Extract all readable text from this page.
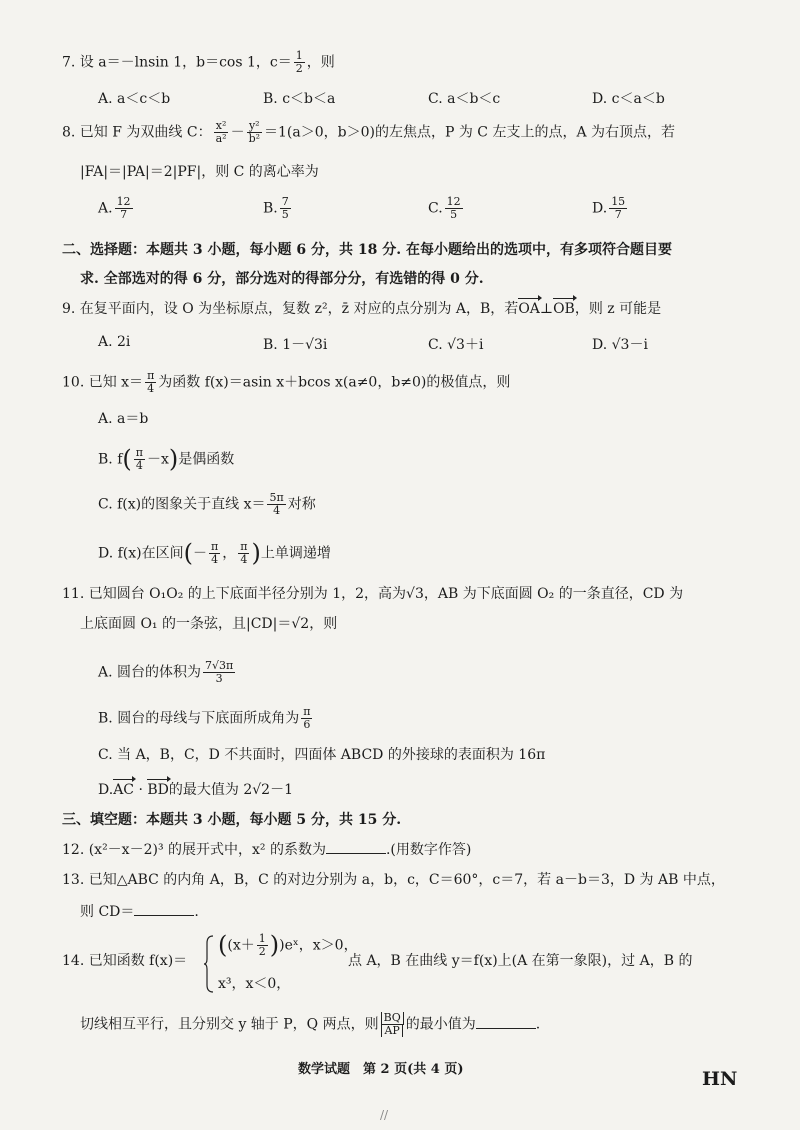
7. 设 a＝－lnsin 1，b＝cos 1，$c= \frac{1}{2}$ ，则
A. a＜c＜b	B. c＜b＜a	C. a＜b＜c	D. c＜a＜b
8. 已知 F 为双曲线 C： $\frac{\text{x²}}{\text{a²}} - \frac{\text{y²}}{\text{b²}} =1(a>0$，b＞0)的左焦点，P 为 C 左支上的点，A 为右顶点，若
|FA|＝|PA|＝2|PF|，则 C 的离心率为
A. $\frac{12}{7}$	B. $\frac{7}{5}$	C. $\frac{12}{5}$	D. $\frac{15}{7}$
二、选择题：本题共 3 小题，每小题 6 分，共 18 分. 在每小题给出的选项中，有多项符合题目要
求. 全部选对的得 6 分，部分选对的得部分分，有选错的得 0 分.
9. 在复平面内，设 O 为坐标原点，复数 z²，z̄ 对应的点分别为 A，B，若OA⊥OB，则 z 可能是
A. 2i	B. 1－√3i	C. √3＋i	D. √3－i
10. 已知 $x= \frac{\pi}{4}$ 为函数 f(x)＝asin x＋bcos x(a≠0，b≠0)的极值点，则
A. a＝b
B. $f( \frac{\pi}{4} -x)$是偶函数
C. f(x)的图象关于直线 $x= \frac{5\pi}{4}$ 对称
D. f(x)在区间(－ $\frac{\pi}{4}$ ， $\frac{\pi}{4}$ )上单调递增
11. 已知圆台 O₁O₂ 的上下底面半径分别为 1，2，高为√3，AB 为下底面圆 O₂ 的一条直径，CD 为
上底面圆 O₁ 的一条弦，且|CD|＝√2，则
A. 圆台的体积为 $\frac{7√3\pi}{3}$
B. 圆台的母线与下底面所成角为 $\frac{\pi}{6}$
C. 当 A，B，C，D 不共面时，四面体 ABCD 的外接球的表面积为 16π
D.AC · BD的最大值为 2√2－1
三、填空题：本题共 3 小题，每小题 5 分，共 15 分.
12. (x²－x－2)³ 的展开式中，x² 的系数为	.(用数字作答)
13. 已知△ABC 的内角 A，B，C 的对边分别为 a，b，c，C＝60°，c＝7，若 a－b＝3，D 为 AB 中点，
则 CD＝	.
14. 已知函数 f(x)＝
(($x+ \frac{1}{2}$ ))eˣ，x＞0，
x³，x＜0，
点 A，B 在曲线 y＝f(x)上(A 在第一象限)，过 A，B 的
切线相互平行，且分别交 y 轴于 P，Q 两点，则 $\frac{BQ}{AP}$ 的最小值为	.
数学试题　第 2 页(共 4 页)	HN
//
